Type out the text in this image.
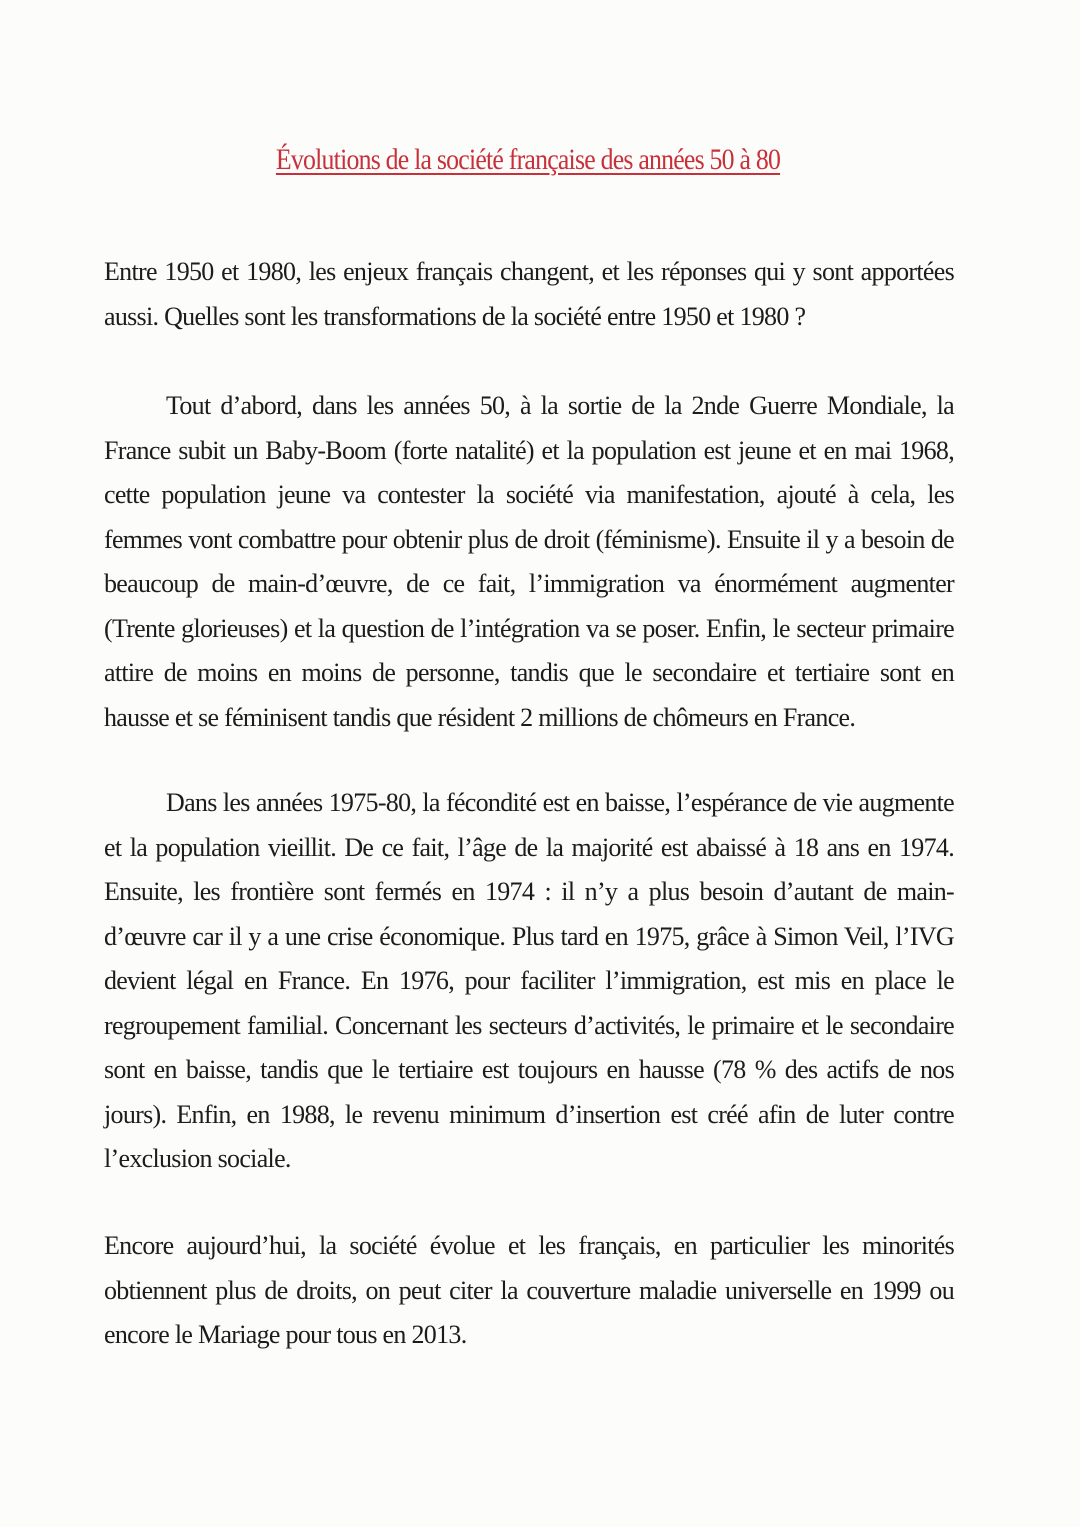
Évolutions de la société française des années 50 à 80

Entre 1950 et 1980, les enjeux français changent, et les réponses qui y sont apportées aussi. Quelles sont les transformations de la société entre 1950 et 1980 ?

Tout d’abord, dans les années 50, à la sortie de la 2nde Guerre Mondiale, la France subit un Baby-Boom (forte natalité) et la population est jeune et en mai 1968, cette population jeune va contester la société via manifestation, ajouté à cela, les femmes vont combattre pour obtenir plus de droit (féminisme). Ensuite il y a besoin de beaucoup de main-d’œuvre, de ce fait, l’immigration va énormément augmenter (Trente glorieuses) et la question de l’intégration va se poser. Enfin, le secteur primaire attire de moins en moins de personne, tandis que le secondaire et tertiaire sont en hausse et se féminisent tandis que résident 2 millions de chômeurs en France.

Dans les années 1975-80, la fécondité est en baisse, l’espérance de vie augmente et la population vieillit. De ce fait, l’âge de la majorité est abaissé à 18 ans en 1974. Ensuite, les frontière sont fermés en 1974 : il n’y a plus besoin d’autant de main-d’œuvre car il y a une crise économique. Plus tard en 1975, grâce à Simon Veil, l’IVG devient légal en France. En 1976, pour faciliter l’immigration, est mis en place le regroupement familial. Concernant les secteurs d’activités, le primaire et le secondaire sont en baisse, tandis que le tertiaire est toujours en hausse (78 % des actifs de nos jours). Enfin, en 1988, le revenu minimum d’insertion est créé afin de luter contre l’exclusion sociale.

Encore aujourd’hui, la société évolue et les français, en particulier les minorités obtiennent plus de droits, on peut citer la couverture maladie universelle en 1999 ou encore le Mariage pour tous en 2013.
